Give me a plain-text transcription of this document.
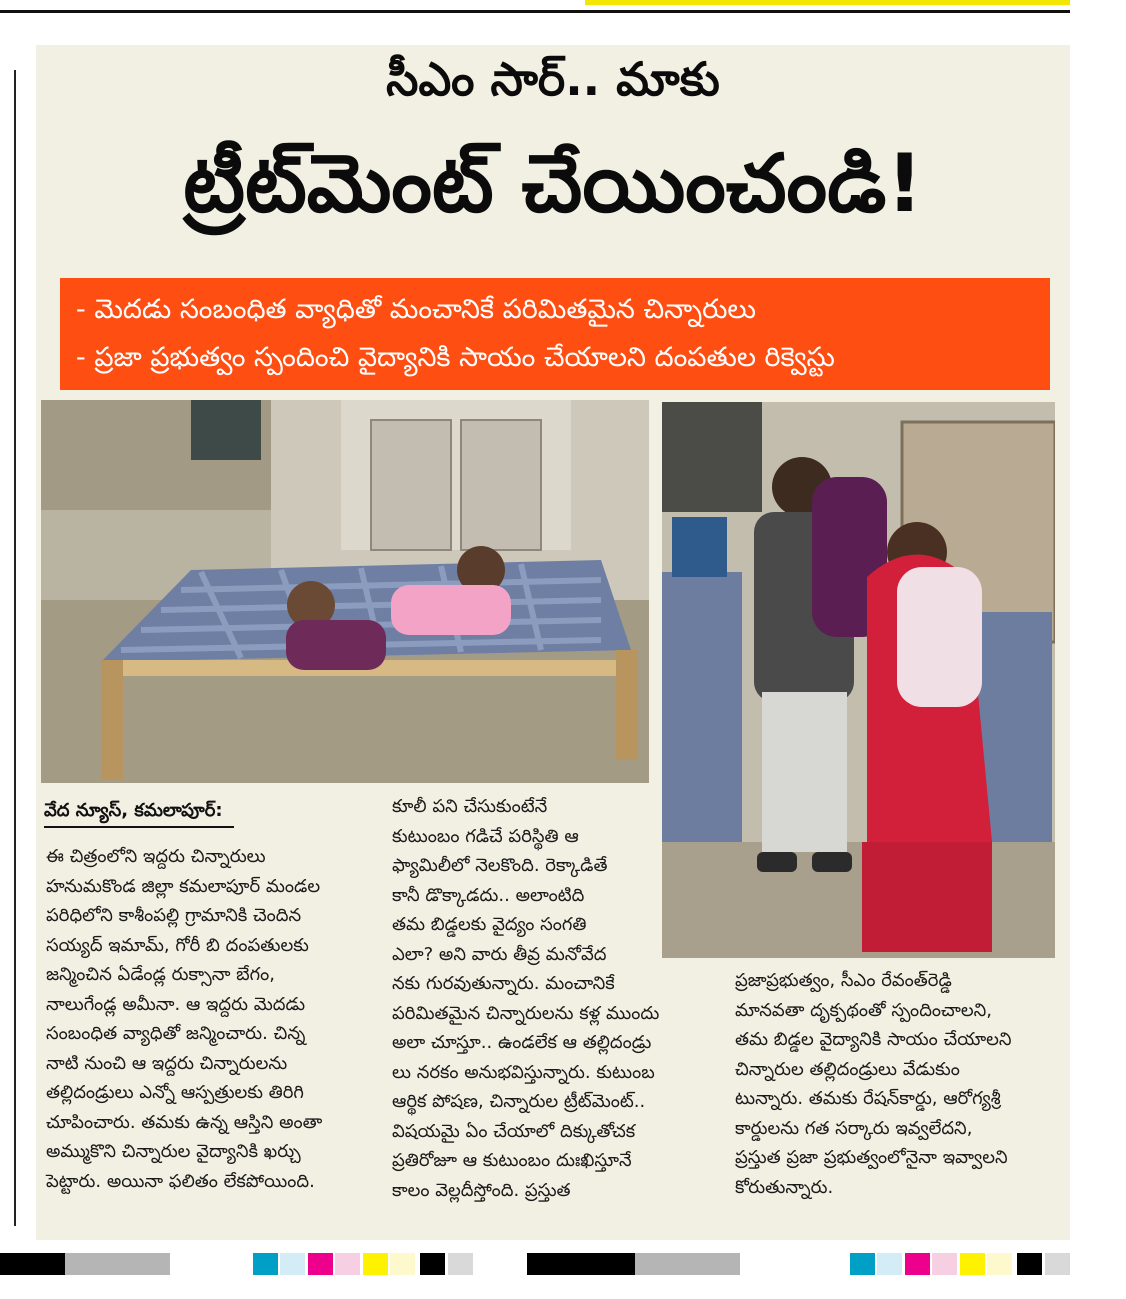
సీఎం సార్.. మాకు
ట్రీట్‌మెంట్ చేయించండి!
- మెదడు సంబంధిత వ్యాధితో మంచానికే పరిమితమైన చిన్నారులు
- ప్రజా ప్రభుత్వం స్పందించి వైద్యానికి సాయం చేయాలని దంపతుల రిక్వెస్టు
వేద న్యూస్, కమలాపూర్:

ఈ చిత్రంలోని ఇద్దరు చిన్నారులు

హనుమకొండ జిల్లా కమలాపూర్ మండల

పరిధిలోని కాశీంపల్లి గ్రామానికి చెందిన

సయ్యద్ ఇమామ్, గోరీ బి దంపతులకు

జన్మించిన ఏడేండ్ల రుక్సానా బేగం,

నాలుగేండ్ల అమీనా. ఆ ఇద్దరు మెదడు

సంబంధిత వ్యాధితో జన్మించారు. చిన్న

నాటి నుంచి ఆ ఇద్దరు చిన్నారులను

తల్లిదండ్రులు ఎన్నో ఆస్పత్రులకు తిరిగి

చూపించారు. తమకు ఉన్న ఆస్తిని అంతా

అమ్ముకొని చిన్నారుల వైద్యానికి ఖర్చు

పెట్టారు. అయినా ఫలితం లేకపోయింది.

కూలీ పని చేసుకుంటేనే

కుటుంబం గడిచే పరిస్థితి ఆ

ఫ్యామిలీలో నెలకొంది. రెక్కాడితే

కానీ డొక్కాడదు.. అలాంటిది

తమ బిడ్డలకు వైద్యం సంగతి

ఎలా? అని వారు తీవ్ర మనోవేద

నకు గురవుతున్నారు. మంచానికే

పరిమితమైన చిన్నారులను కళ్ల ముందు

అలా చూస్తూ.. ఉండలేక ఆ తల్లిదండ్రు

లు నరకం అనుభవిస్తున్నారు. కుటుంబ

ఆర్థిక పోషణ, చిన్నారుల ట్రీట్‌మెంట్..

విషయమై ఏం చేయాలో దిక్కుతోచక

ప్రతిరోజూ ఆ కుటుంబం దుఃఖిస్తూనే

కాలం వెల్లదీస్తోంది. ప్రస్తుత

ప్రజాప్రభుత్వం, సీఎం రేవంత్‌రెడ్డి

మానవతా దృక్పథంతో స్పందించాలని,

తమ బిడ్డల వైద్యానికి సాయం చేయాలని

చిన్నారుల తల్లిదండ్రులు వేడుకుం

టున్నారు. తమకు రేషన్‌కార్డు, ఆరోగ్యశ్రీ

కార్డులను గత సర్కారు ఇవ్వలేదని,

ప్రస్తుత ప్రజా ప్రభుత్వంలోనైనా ఇవ్వాలని

కోరుతున్నారు.
